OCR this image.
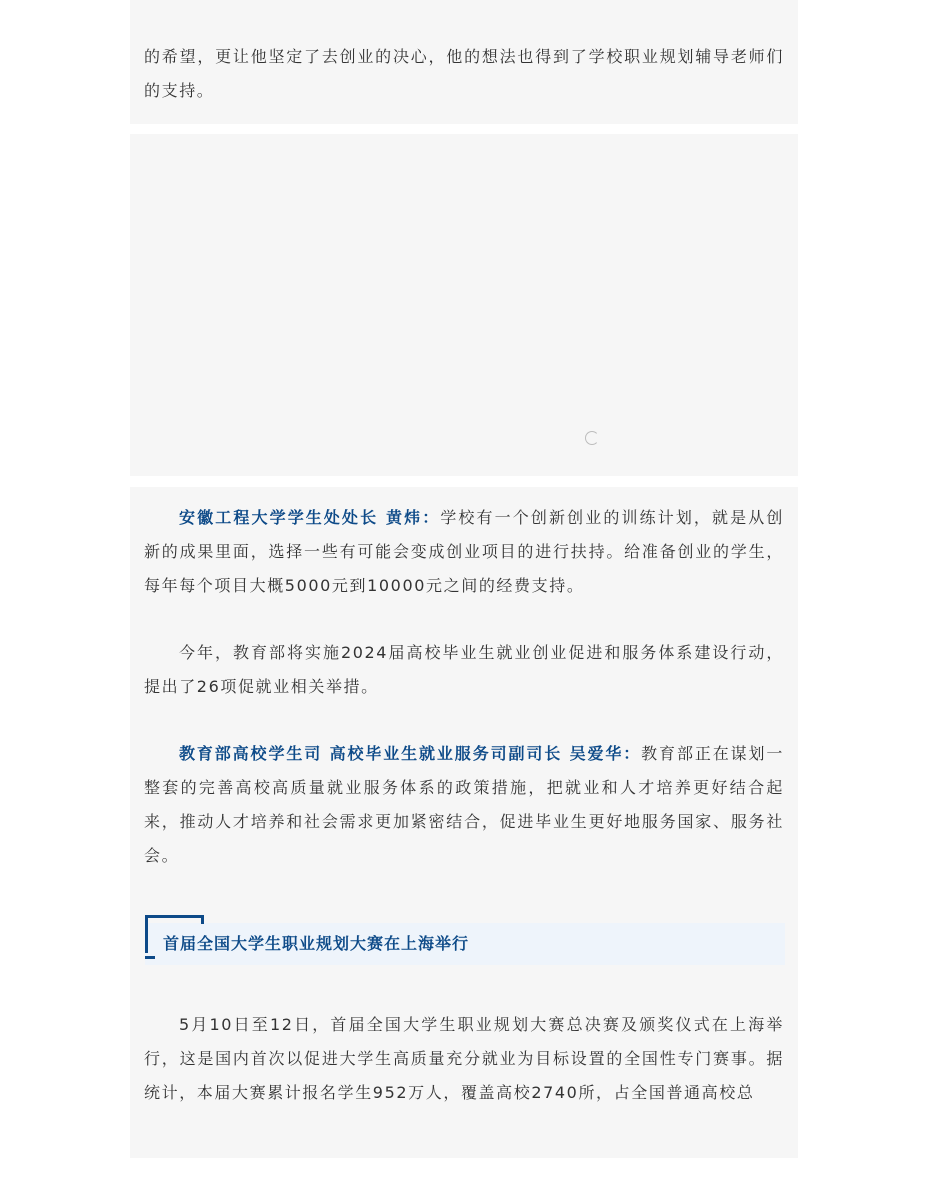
的希望，更让他坚定了去创业的决心，他的想法也得到了学校职业规划辅导老师们的支持。

安徽工程大学学生处处长 黄炜：学校有一个创新创业的训练计划，就是从创新的成果里面，选择一些有可能会变成创业项目的进行扶持。给准备创业的学生，每年每个项目大概5000元到10000元之间的经费支持。

今年，教育部将实施2024届高校毕业生就业创业促进和服务体系建设行动，提出了26项促就业相关举措。

教育部高校学生司 高校毕业生就业服务司副司长 吴爱华：教育部正在谋划一整套的完善高校高质量就业服务体系的政策措施，把就业和人才培养更好结合起来，推动人才培养和社会需求更加紧密结合，促进毕业生更好地服务国家、服务社会。

首届全国大学生职业规划大赛在上海举行

5月10日至12日，首届全国大学生职业规划大赛总决赛及颁奖仪式在上海举行，这是国内首次以促进大学生高质量充分就业为目标设置的全国性专门赛事。据统计，本届大赛累计报名学生952万人，覆盖高校2740所，占全国普通高校总
